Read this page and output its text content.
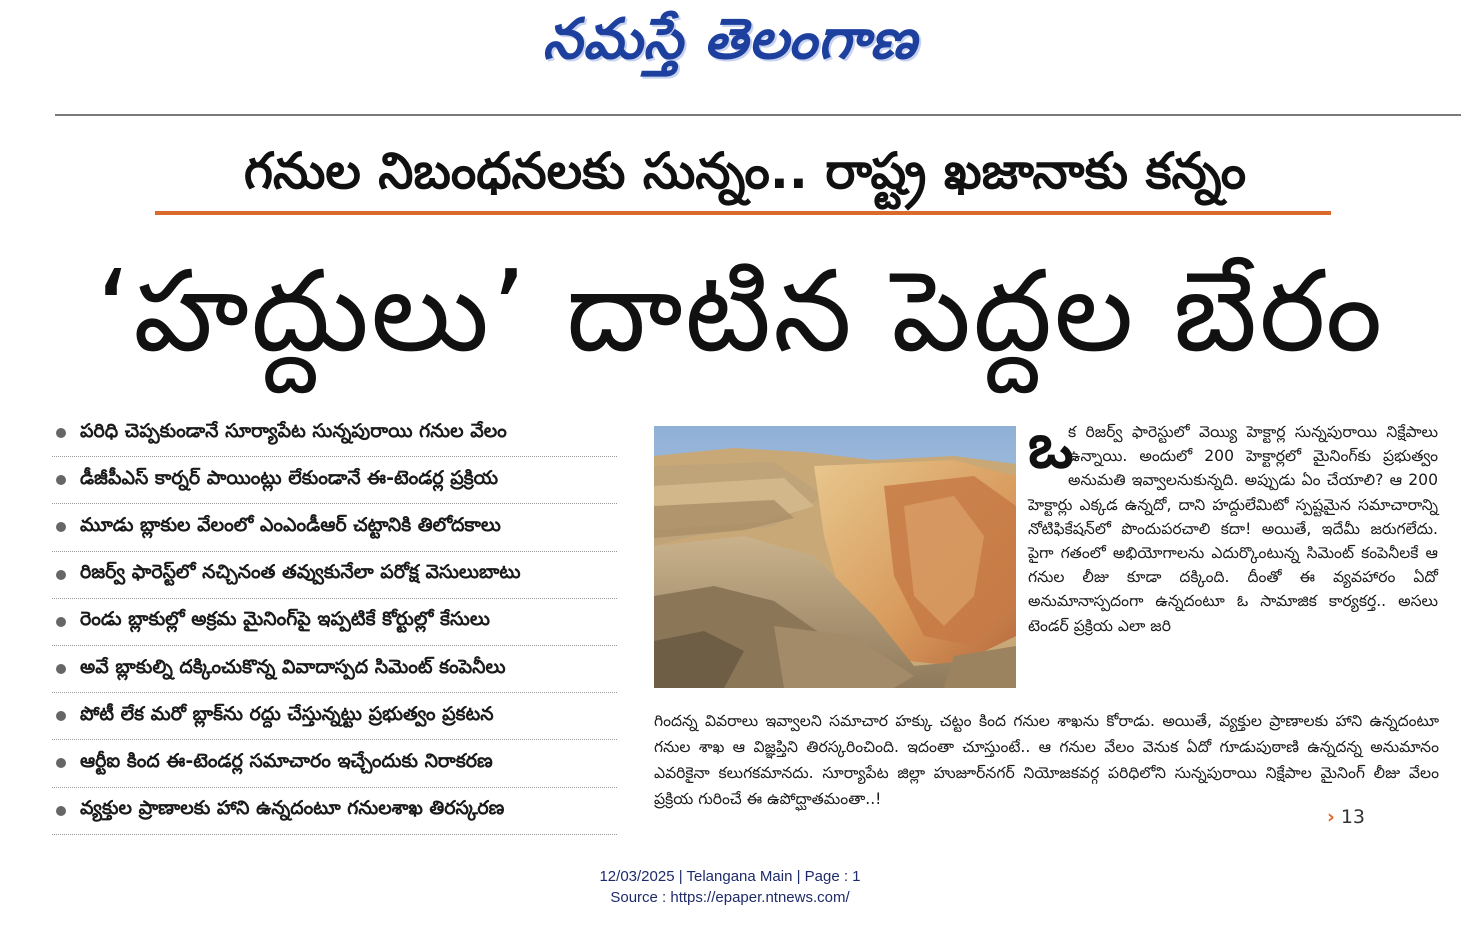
నమస్తే తెలంగాణ
గనుల నిబంధనలకు సున్నం.. రాష్ట్ర ఖజానాకు కన్నం
‘హద్దులు’ దాటిన పెద్దల బేరం
పరిధి చెప్పకుండానే సూర్యాపేట సున్నపురాయి గనుల వేలం
డీజీపీఎస్ కార్నర్ పాయింట్లు లేకుండానే ఈ-టెండర్ల ప్రక్రియ
మూడు బ్లాకుల వేలంలో ఎంఎండీఆర్ చట్టానికి తిలోదకాలు
రిజర్వ్ ఫారెస్ట్‌లో నచ్చినంత తవ్వుకునేలా పరోక్ష వెసులుబాటు
రెండు బ్లాకుల్లో అక్రమ మైనింగ్‌పై ఇప్పటికే కోర్టుల్లో కేసులు
అవే బ్లాకుల్ని దక్కించుకొన్న వివాదాస్పద సిమెంట్ కంపెనీలు
పోటీ లేక మరో బ్లాక్‌ను రద్దు చేస్తున్నట్టు ప్రభుత్వం ప్రకటన
ఆర్టీఐ కింద ఈ-టెండర్ల సమాచారం ఇచ్చేందుకు నిరాకరణ
వ్యక్తుల ప్రాణాలకు హాని ఉన్నదంటూ గనులశాఖ తిరస్కరణ
ఒ
క రిజర్వ్ ఫారెస్టులో వెయ్యి హెక్టార్ల సున్నపురాయి నిక్షేపాలు ఉన్నాయి. అందులో 200 హెక్టార్లలో మైనింగ్‌కు ప్రభుత్వం అనుమతి ఇవ్వాలనుకున్నది. అప్పుడు ఏం చేయాలి? ఆ 200 హెక్టార్లు ఎక్కడ ఉన్నదో, దాని హద్దులేమిటో స్పష్టమైన సమాచారాన్ని నోటిఫికేషన్‌లో పొందుపరచాలి కదా! అయితే, ఇదేమీ జరుగలేదు. పైగా గతంలో అభియోగాలను ఎదుర్కొంటున్న సిమెంట్ కంపెనీలకే ఆ గనుల లీజు కూడా దక్కింది. దీంతో ఈ వ్యవహారం ఏదో అనుమానాస్పదంగా ఉన్నదంటూ ఓ సామాజిక కార్యకర్త.. అసలు టెండర్ ప్రక్రియ ఎలా జరి
గిందన్న వివరాలు ఇవ్వాలని సమాచార హక్కు చట్టం కింద గనుల శాఖను కోరాడు. అయితే, వ్యక్తుల ప్రాణాలకు హాని ఉన్నదంటూ గనుల శాఖ ఆ విజ్ఞప్తిని తిరస్కరించింది. ఇదంతా చూస్తుంటే.. ఆ గనుల వేలం వెనుక ఏదో గూడుపుఠాణి ఉన్నదన్న అనుమానం ఎవరికైనా కలుగకమానదు. సూర్యాపేట జిల్లా హుజూర్‌నగర్ నియోజకవర్గ పరిధిలోని సున్నపురాయి నిక్షేపాల మైనింగ్ లీజు వేలం ప్రక్రియ గురించే ఈ ఉపోద్ఘాతమంతా..!
› 13
12/03/2025 | Telangana Main | Page : 1
Source : https://epaper.ntnews.com/
